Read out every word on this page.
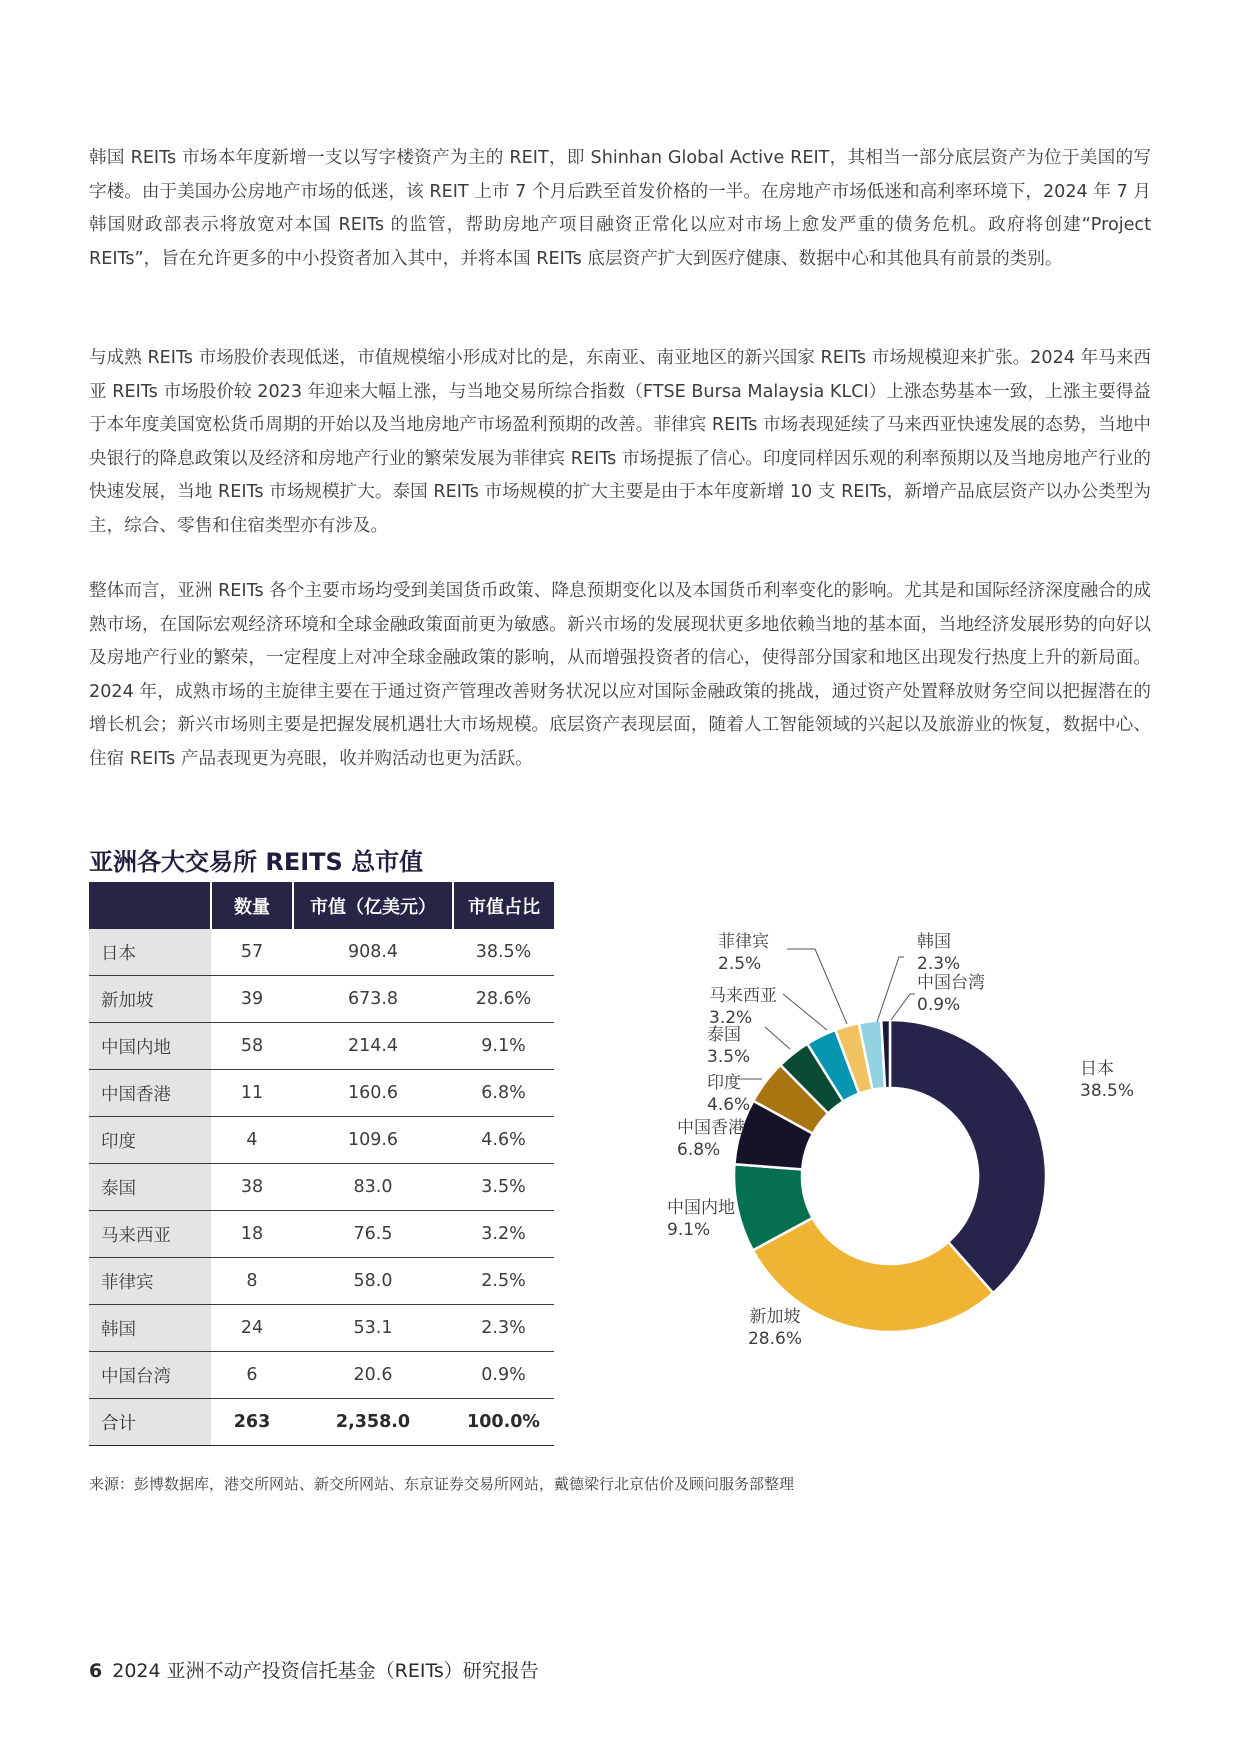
韩国 REITs 市场本年度新增一支以写字楼资产为主的 REIT，即 Shinhan Global Active REIT，其相当一部分底层资产为位于美国的写字楼。由于美国办公房地产市场的低迷，该 REIT 上市 7 个月后跌至首发价格的一半。在房地产市场低迷和高利率环境下，2024 年 7 月韩国财政部表示将放宽对本国 REITs 的监管，帮助房地产项目融资正常化以应对市场上愈发严重的债务危机。政府将创建“Project REITs”，旨在允许更多的中小投资者加入其中，并将本国 REITs 底层资产扩大到医疗健康、数据中心和其他具有前景的类别。

与成熟 REITs 市场股价表现低迷，市值规模缩小形成对比的是，东南亚、南亚地区的新兴国家 REITs 市场规模迎来扩张。2024 年马来西亚 REITs 市场股价较 2023 年迎来大幅上涨，与当地交易所综合指数（FTSE Bursa Malaysia KLCI）上涨态势基本一致，上涨主要得益于本年度美国宽松货币周期的开始以及当地房地产市场盈利预期的改善。菲律宾 REITs 市场表现延续了马来西亚快速发展的态势，当地中央银行的降息政策以及经济和房地产行业的繁荣发展为菲律宾 REITs 市场提振了信心。印度同样因乐观的利率预期以及当地房地产行业的快速发展，当地 REITs 市场规模扩大。泰国 REITs 市场规模的扩大主要是由于本年度新增 10 支 REITs，新增产品底层资产以办公类型为主，综合、零售和住宿类型亦有涉及。

整体而言，亚洲 REITs 各个主要市场均受到美国货币政策、降息预期变化以及本国货币利率变化的影响。尤其是和国际经济深度融合的成熟市场，在国际宏观经济环境和全球金融政策面前更为敏感。新兴市场的发展现状更多地依赖当地的基本面，当地经济发展形势的向好以及房地产行业的繁荣，一定程度上对冲全球金融政策的影响，从而增强投资者的信心，使得部分国家和地区出现发行热度上升的新局面。2024 年，成熟市场的主旋律主要在于通过资产管理改善财务状况以应对国际金融政策的挑战，通过资产处置释放财务空间以把握潜在的增长机会；新兴市场则主要是把握发展机遇壮大市场规模。底层资产表现层面，随着人工智能领域的兴起以及旅游业的恢复，数据中心、住宿 REITs 产品表现更为亮眼，收并购活动也更为活跃。

亚洲各大交易所 REITS 总市值
	数量	市值（亿美元）	市值占比
日本	57	908.4	38.5%
新加坡	39	673.8	28.6%
中国内地	58	214.4	9.1%
中国香港	11	160.6	6.8%
印度	4	109.6	4.6%
泰国	38	83.0	3.5%
马来西亚	18	76.5	3.2%
菲律宾	8	58.0	2.5%
韩国	24	53.1	2.3%
中国台湾	6	20.6	0.9%
合计	263	2,358.0	100.0%
日本
38.5%
新加坡
28.6%
中国内地
9.1%
中国香港
6.8%
印度
4.6%
泰国
3.5%
马来西亚
3.2%
菲律宾
2.5%
韩国
2.3%
中国台湾
0.9%

来源：彭博数据库，港交所网站、新交所网站、东京证券交易所网站，戴德梁行北京估价及顾问服务部整理

6 2024 亚洲不动产投资信托基金（REITs）研究报告
